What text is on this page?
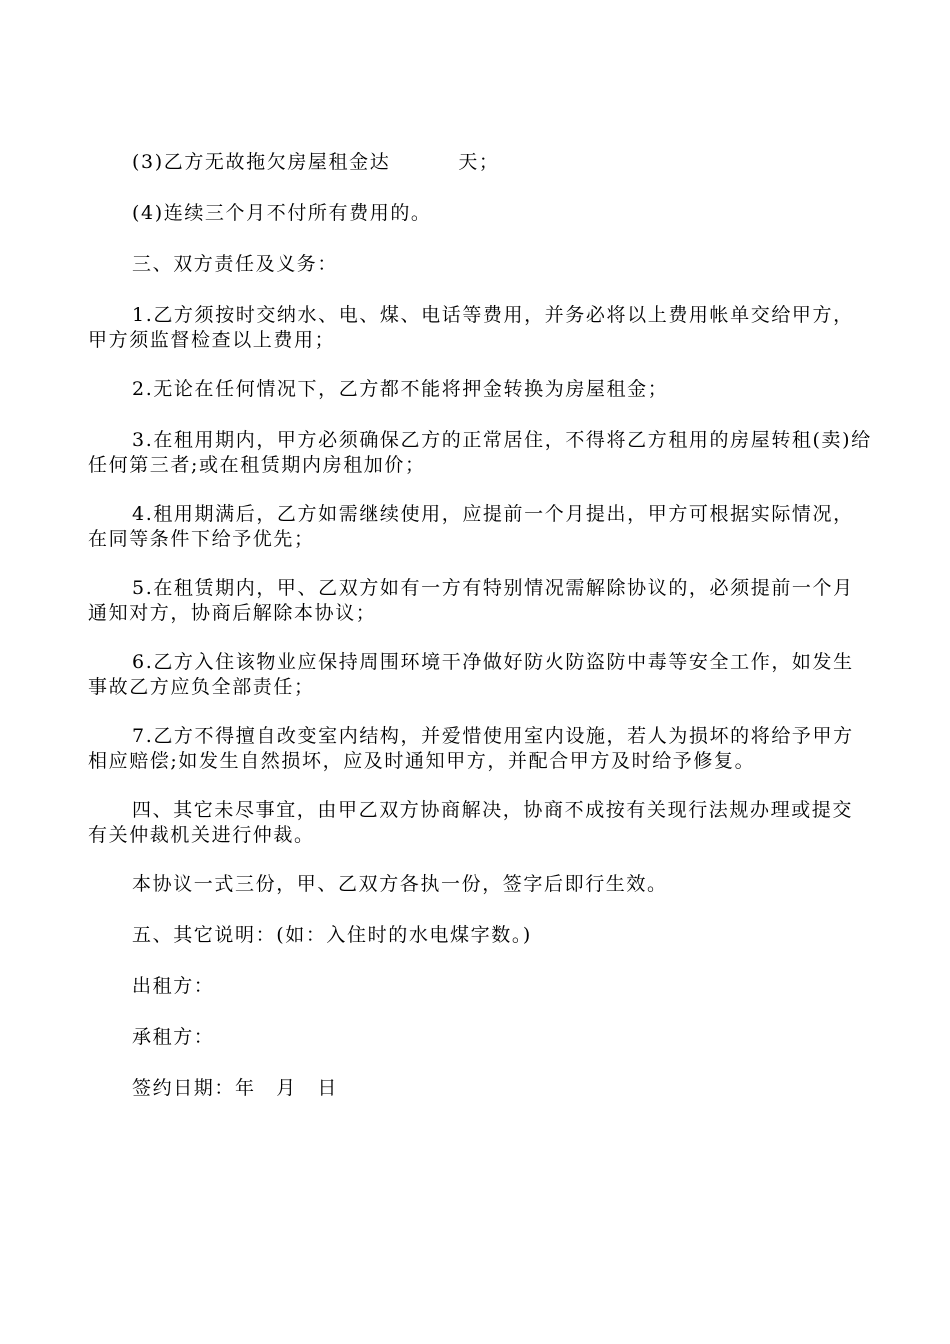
(3)乙方无故拖欠房屋租金达	天；

(4)连续三个月不付所有费用的。

三、双方责任及义务：

1.乙方须按时交纳水、电、煤、电话等费用，并务必将以上费用帐单交给甲方，甲方须监督检查以上费用；

2.无论在任何情况下，乙方都不能将押金转换为房屋租金；

3.在租用期内，甲方必须确保乙方的正常居住，不得将乙方租用的房屋转租(卖)给任何第三者;或在租赁期内房租加价；

4.租用期满后，乙方如需继续使用，应提前一个月提出，甲方可根据实际情况，在同等条件下给予优先；

5.在租赁期内，甲、乙双方如有一方有特别情况需解除协议的，必须提前一个月通知对方，协商后解除本协议；

6.乙方入住该物业应保持周围环境干净做好防火防盗防中毒等安全工作，如发生事故乙方应负全部责任；

7.乙方不得擅自改变室内结构，并爱惜使用室内设施，若人为损坏的将给予甲方相应赔偿;如发生自然损坏，应及时通知甲方，并配合甲方及时给予修复。

四、其它未尽事宜，由甲乙双方协商解决，协商不成按有关现行法规办理或提交有关仲裁机关进行仲裁。

本协议一式三份，甲、乙双方各执一份，签字后即行生效。

五、其它说明：(如：入住时的水电煤字数。)

出租方：

承租方：

签约日期：年　月　日
